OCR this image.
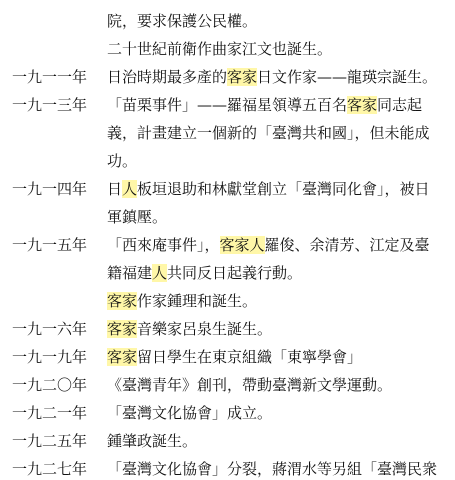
院，要求保護公民權。
二十世紀前衛作曲家江文也誕生。
一九一一年 日治時期最多產的客家日文作家——龍瑛宗誕生。
一九一三年 「苗栗事件」——羅福星領導五百名客家同志起
義，計畫建立一個新的「臺灣共和國」，但未能成
功。
一九一四年 日人板垣退助和林獻堂創立「臺灣同化會」，被日
軍鎮壓。
一九一五年 「西來庵事件」，客家人羅俊、余清芳、江定及臺
籍福建人共同反日起義行動。
客家作家鍾理和誕生。
一九一六年 客家音樂家呂泉生誕生。
一九一九年 客家留日學生在東京組織「東寧學會」
一九二〇年 《臺灣青年》創刊，帶動臺灣新文學運動。
一九二一年 「臺灣文化協會」成立。
一九二五年 鍾肇政誕生。
一九二七年 「臺灣文化協會」分裂，蔣渭水等另組「臺灣民衆
